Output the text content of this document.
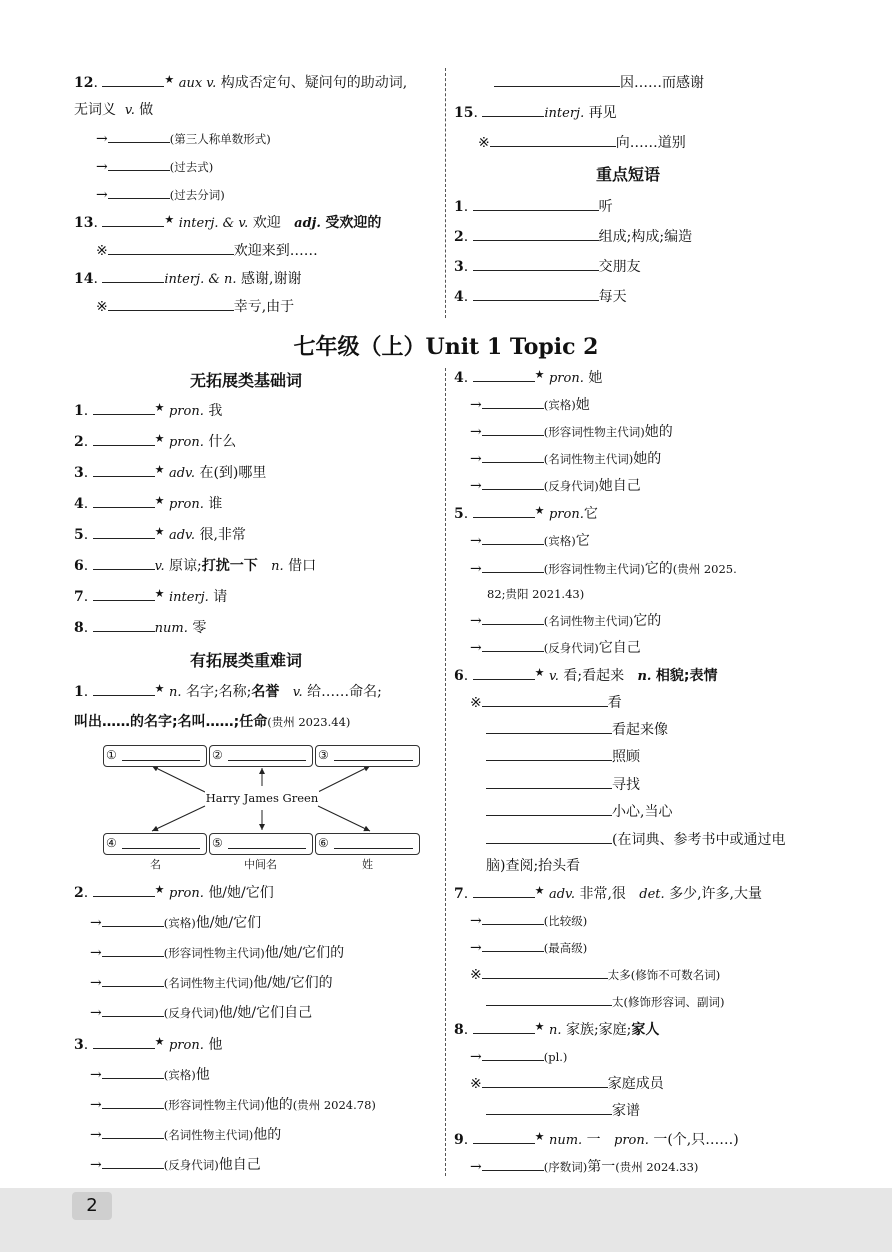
12.	★ aux v. 构成否定句、疑问句的助动词,
无词义 v. 做
→	(第三人称单数形式)
→	(过去式)
→	(过去分词)
13.	★ interj. & v. 欢迎 adj. 受欢迎的
※	欢迎来到……
14.	interj. & n. 感谢,谢谢
※	幸亏,由于
因……而感谢
15.	interj. 再见
※	向……道别
重点短语
1.	听
2.	组成;构成;编造
3.	交朋友
4.	每天
七年级（上）Unit 1 Topic 2
无拓展类基础词
1.	★ pron. 我
2.	★ pron. 什么
3.	★ adv. 在(到)哪里
4.	★ pron. 谁
5.	★ adv. 很,非常
6.	v. 原谅;打扰一下 n. 借口
7.	★ interj. 请
8.	num. 零
有拓展类重难词
1.	★ n. 名字;名称;名誉 v. 给……命名;
叫出……的名字;名叫……;任命(贵州 2023.44)
①	②	③
Harry James Green
④	⑤	⑥
名	中间名	姓
2.	★ pron. 他/她/它们
→	(宾格)他/她/它们
→	(形容词性物主代词)他/她/它们的
→	(名词性物主代词)他/她/它们的
→	(反身代词)他/她/它们自己
3.	★ pron. 他
→	(宾格)他
→	(形容词性物主代词)他的(贵州 2024.78)
→	(名词性物主代词)他的
→	(反身代词)他自己
4.	★ pron. 她
→	(宾格)她
→	(形容词性物主代词)她的
→	(名词性物主代词)她的
→	(反身代词)她自己
5.	★ pron.它
→	(宾格)它
→	(形容词性物主代词)它的(贵州 2025.
82;贵阳 2021.43)
→	(名词性物主代词)它的
→	(反身代词)它自己
6.	★ v. 看;看起来 n. 相貌;表情
※	看
看起来像
照顾
寻找
小心,当心
(在词典、参考书中或通过电
脑)查阅;抬头看
7.	★ adv. 非常,很 det. 多少,许多,大量
→	(比较级)
→	(最高级)
※	太多(修饰不可数名词)
太(修饰形容词、副词)
8.	★ n. 家族;家庭;家人
→	(pl.)
※	家庭成员
家谱
9.	★ num. 一 pron. 一(个,只……)
→	(序数词)第一(贵州 2024.33)
2
